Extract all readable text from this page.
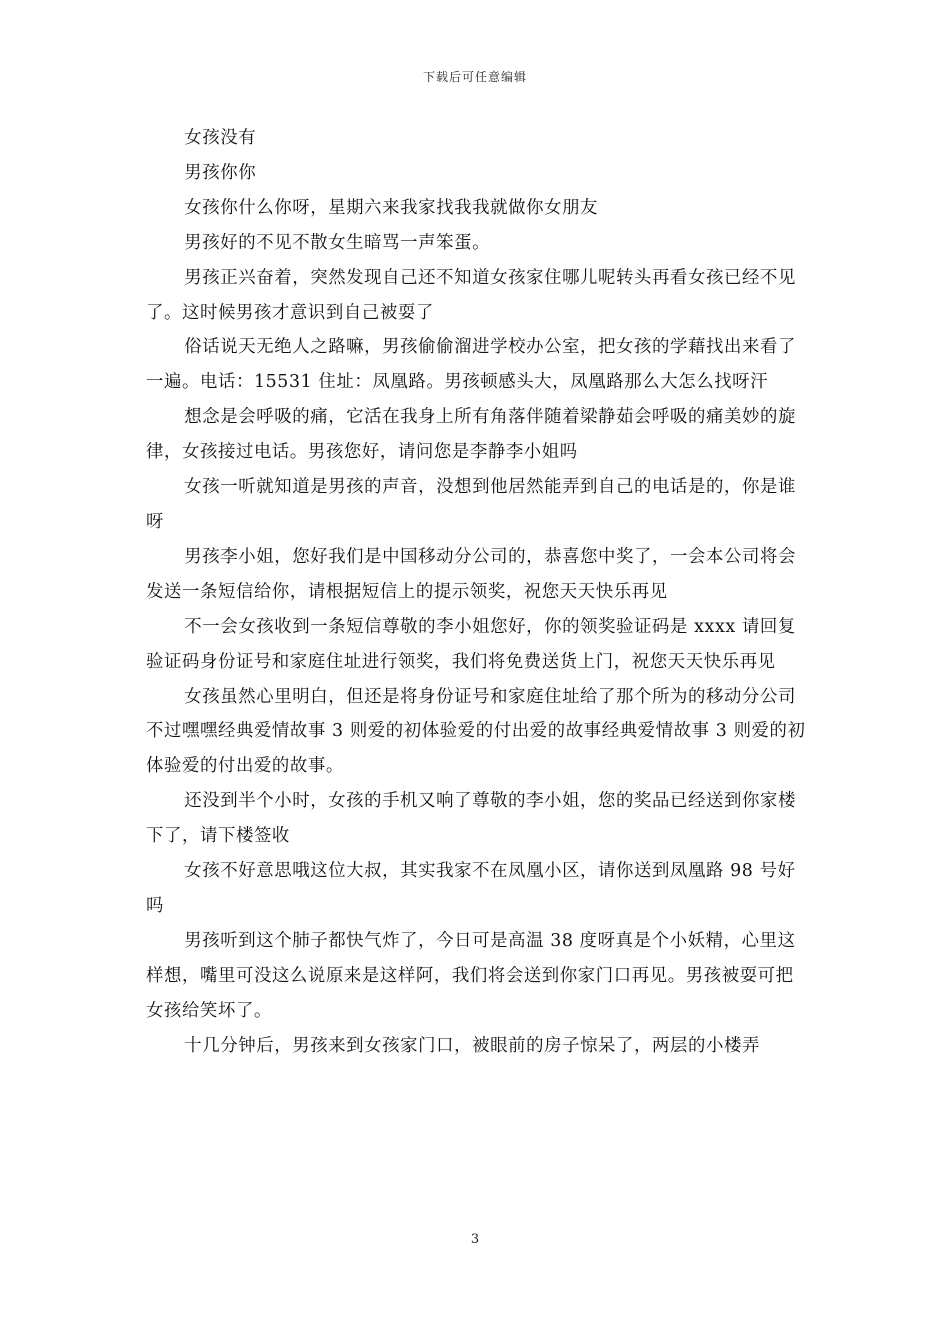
下载后可任意编辑

女孩没有

男孩你你

女孩你什么你呀，星期六来我家找我我就做你女朋友

男孩好的不见不散女生暗骂一声笨蛋。

男孩正兴奋着，突然发现自己还不知道女孩家住哪儿呢转头再看女孩已经不见了。这时候男孩才意识到自己被耍了

俗话说天无绝人之路嘛，男孩偷偷溜进学校办公室，把女孩的学藉找出来看了一遍。电话：15531 住址：凤凰路。男孩顿感头大，凤凰路那么大怎么找呀汗

想念是会呼吸的痛，它活在我身上所有角落伴随着梁静茹会呼吸的痛美妙的旋律，女孩接过电话。男孩您好，请问您是李静李小姐吗

女孩一听就知道是男孩的声音，没想到他居然能弄到自己的电话是的，你是谁呀

男孩李小姐，您好我们是中国移动分公司的，恭喜您中奖了，一会本公司将会发送一条短信给你，请根据短信上的提示领奖，祝您天天快乐再见

不一会女孩收到一条短信尊敬的李小姐您好，你的领奖验证码是 xxxx 请回复验证码身份证号和家庭住址进行领奖，我们将免费送货上门，祝您天天快乐再见

女孩虽然心里明白，但还是将身份证号和家庭住址给了那个所为的移动分公司不过嘿嘿经典爱情故事 3 则爱的初体验爱的付出爱的故事经典爱情故事 3 则爱的初体验爱的付出爱的故事。

还没到半个小时，女孩的手机又响了尊敬的李小姐，您的奖品已经送到你家楼下了，请下楼签收

女孩不好意思哦这位大叔，其实我家不在凤凰小区，请你送到凤凰路 98 号好吗

男孩听到这个肺子都快气炸了，今日可是高温 38 度呀真是个小妖精，心里这样想，嘴里可没这么说原来是这样阿，我们将会送到你家门口再见。男孩被耍可把女孩给笑坏了。

十几分钟后，男孩来到女孩家门口，被眼前的房子惊呆了，两层的小楼弄

3
